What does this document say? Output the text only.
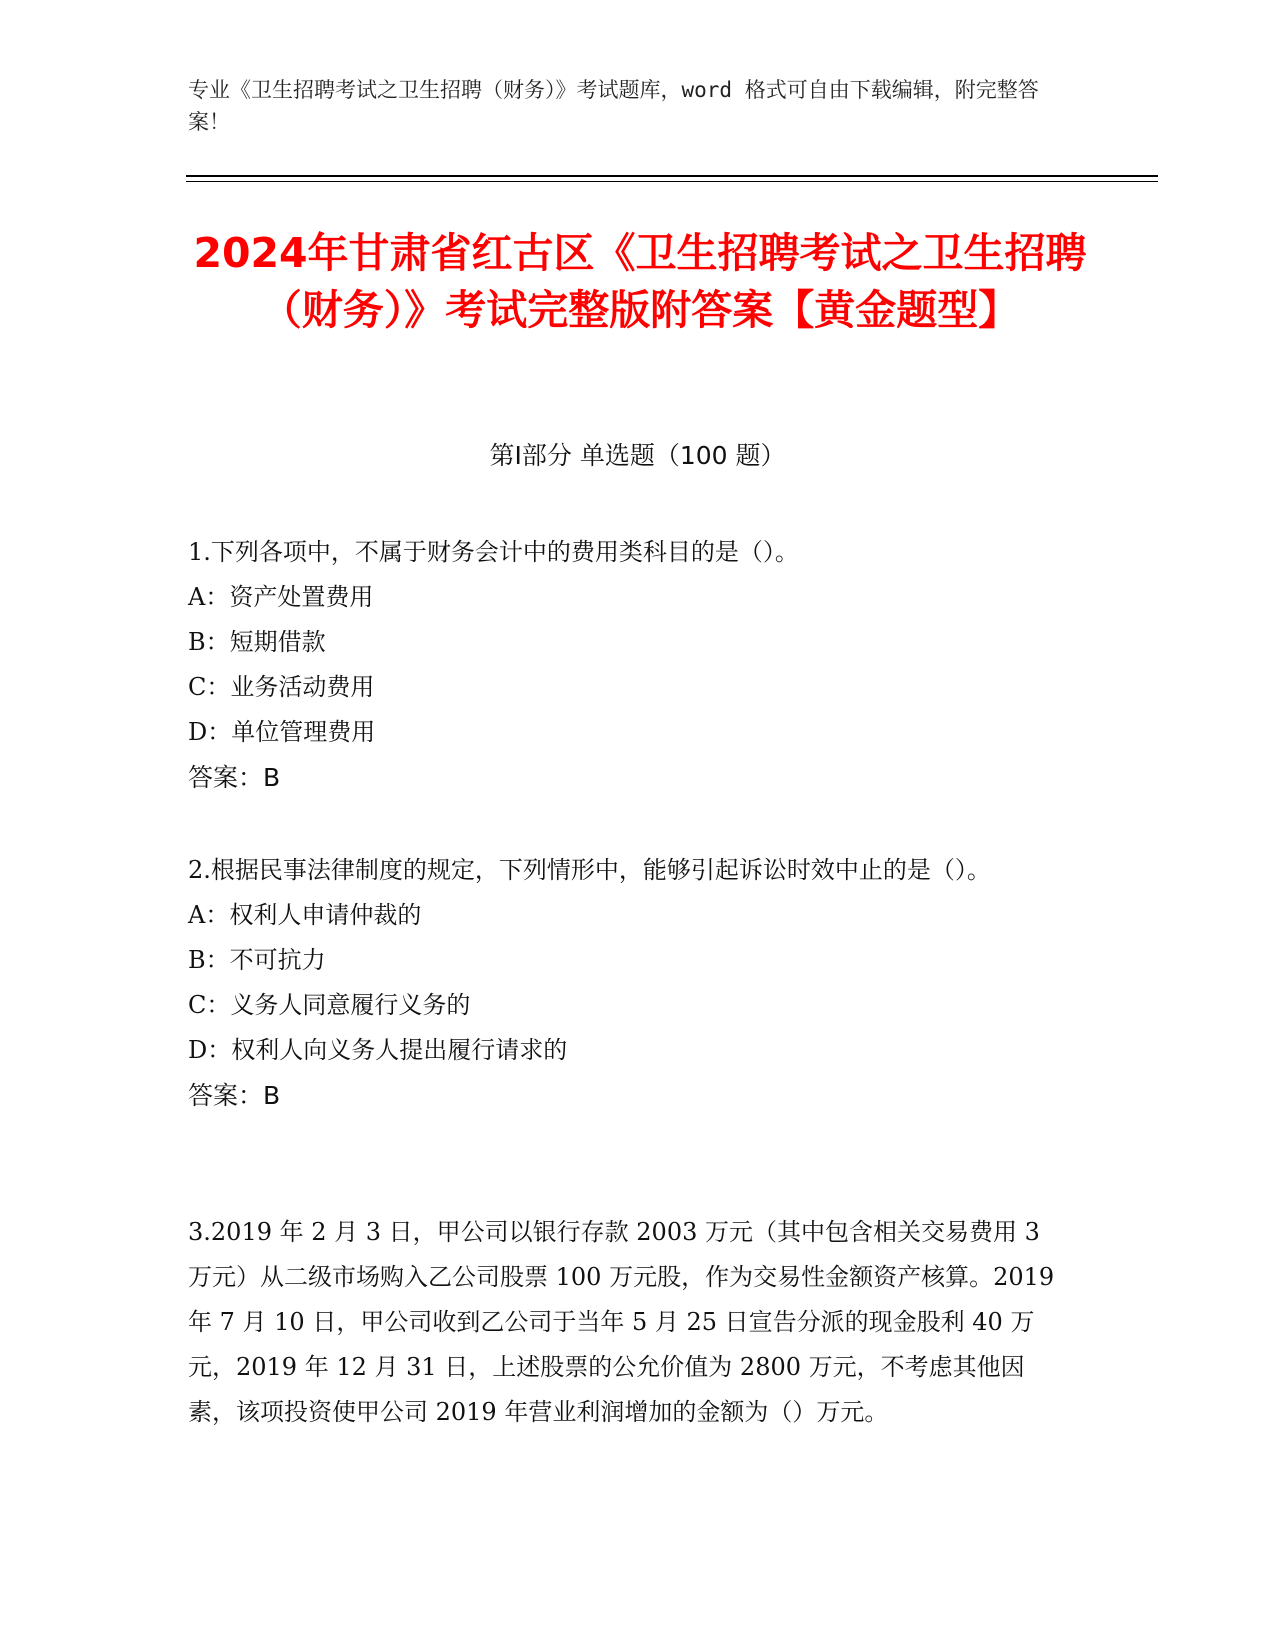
专业《卫生招聘考试之卫生招聘（财务）》考试题库，word 格式可自由下载编辑，附完整答案！
2024年甘肃省红古区《卫生招聘考试之卫生招聘（财务）》考试完整版附答案【黄金题型】
第Ⅰ部分 单选题（100 题）
1.下列各项中，不属于财务会计中的费用类科目的是（）。
A：资产处置费用
B：短期借款
C：业务活动费用
D：单位管理费用
答案：B
2.根据民事法律制度的规定，下列情形中，能够引起诉讼时效中止的是（）。
A：权利人申请仲裁的
B：不可抗力
C：义务人同意履行义务的
D：权利人向义务人提出履行请求的
答案：B
3.2019 年 2 月 3 日，甲公司以银行存款 2003 万元（其中包含相关交易费用 3 万元）从二级市场购入乙公司股票 100 万元股，作为交易性金额资产核算。2019 年 7 月 10 日，甲公司收到乙公司于当年 5 月 25 日宣告分派的现金股利 40 万元，2019 年 12 月 31 日，上述股票的公允价值为 2800 万元，不考虑其他因素，该项投资使甲公司 2019 年营业利润增加的金额为（）万元。
